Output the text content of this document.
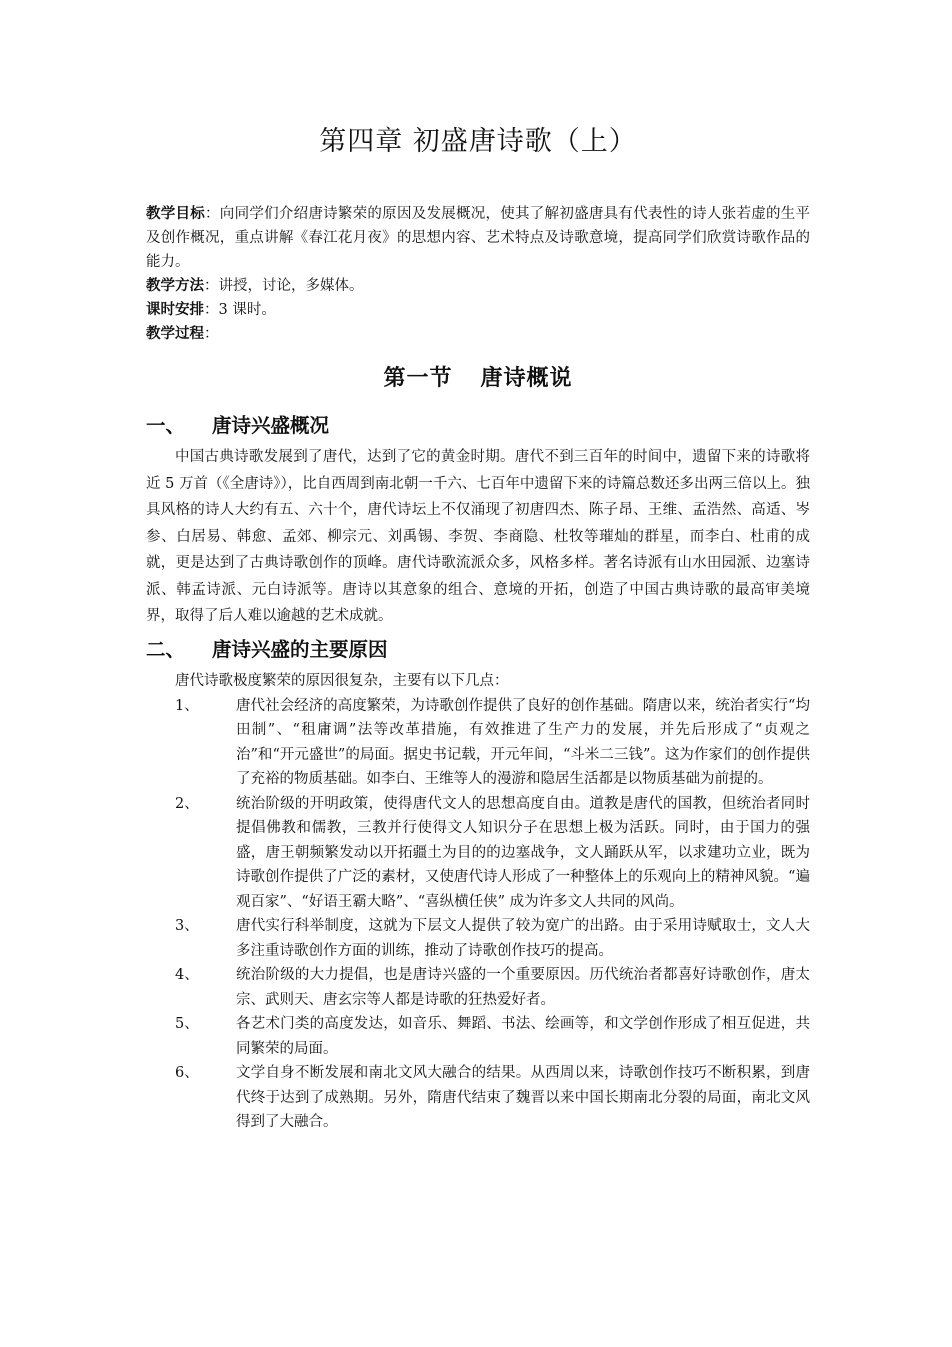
第四章 初盛唐诗歌（上）

教学目标：向同学们介绍唐诗繁荣的原因及发展概况，使其了解初盛唐具有代表性的诗人张若虚的生平及创作概况，重点讲解《春江花月夜》的思想内容、艺术特点及诗歌意境，提高同学们欣赏诗歌作品的能力。

教学方法：讲授，讨论，多媒体。

课时安排：3 课时。

教学过程：

第一节 唐诗概说
一、	唐诗兴盛概况

中国古典诗歌发展到了唐代，达到了它的黄金时期。唐代不到三百年的时间中，遗留下来的诗歌将近 5 万首（《全唐诗》），比自西周到南北朝一千六、七百年中遗留下来的诗篇总数还多出两三倍以上。独具风格的诗人大约有五、六十个，唐代诗坛上不仅涌现了初唐四杰、陈子昂、王维、孟浩然、高适、岑参、白居易、韩愈、孟郊、柳宗元、刘禹锡、李贺、李商隐、杜牧等璀灿的群星，而李白、杜甫的成就，更是达到了古典诗歌创作的顶峰。唐代诗歌流派众多，风格多样。著名诗派有山水田园派、边塞诗派、韩孟诗派、元白诗派等。唐诗以其意象的组合、意境的开拓，创造了中国古典诗歌的最高审美境界，取得了后人难以逾越的艺术成就。

二、	唐诗兴盛的主要原因

唐代诗歌极度繁荣的原因很复杂，主要有以下几点：

1、	唐代社会经济的高度繁荣，为诗歌创作提供了良好的创作基础。隋唐以来，统治者实行“均田制”、“租庸调”法等改革措施，有效推进了生产力的发展，并先后形成了“贞观之治”和“开元盛世”的局面。据史书记载，开元年间，“斗米二三钱”。这为作家们的创作提供了充裕的物质基础。如李白、王维等人的漫游和隐居生活都是以物质基础为前提的。
2、	统治阶级的开明政策，使得唐代文人的思想高度自由。道教是唐代的国教，但统治者同时提倡佛教和儒教，三教并行使得文人知识分子在思想上极为活跃。同时，由于国力的强盛，唐王朝频繁发动以开拓疆土为目的的边塞战争，文人踊跃从军，以求建功立业，既为诗歌创作提供了广泛的素材，又使唐代诗人形成了一种整体上的乐观向上的精神风貌。“遍观百家”、“好语王霸大略”、“喜纵横任侠” 成为许多文人共同的风尚。
3、	唐代实行科举制度，这就为下层文人提供了较为宽广的出路。由于采用诗赋取士，文人大多注重诗歌创作方面的训练，推动了诗歌创作技巧的提高。
4、	统治阶级的大力提倡，也是唐诗兴盛的一个重要原因。历代统治者都喜好诗歌创作，唐太宗、武则天、唐玄宗等人都是诗歌的狂热爱好者。
5、	各艺术门类的高度发达，如音乐、舞蹈、书法、绘画等，和文学创作形成了相互促进，共同繁荣的局面。
6、	文学自身不断发展和南北文风大融合的结果。从西周以来，诗歌创作技巧不断积累，到唐代终于达到了成熟期。另外，隋唐代结束了魏晋以来中国长期南北分裂的局面，南北文风得到了大融合。
